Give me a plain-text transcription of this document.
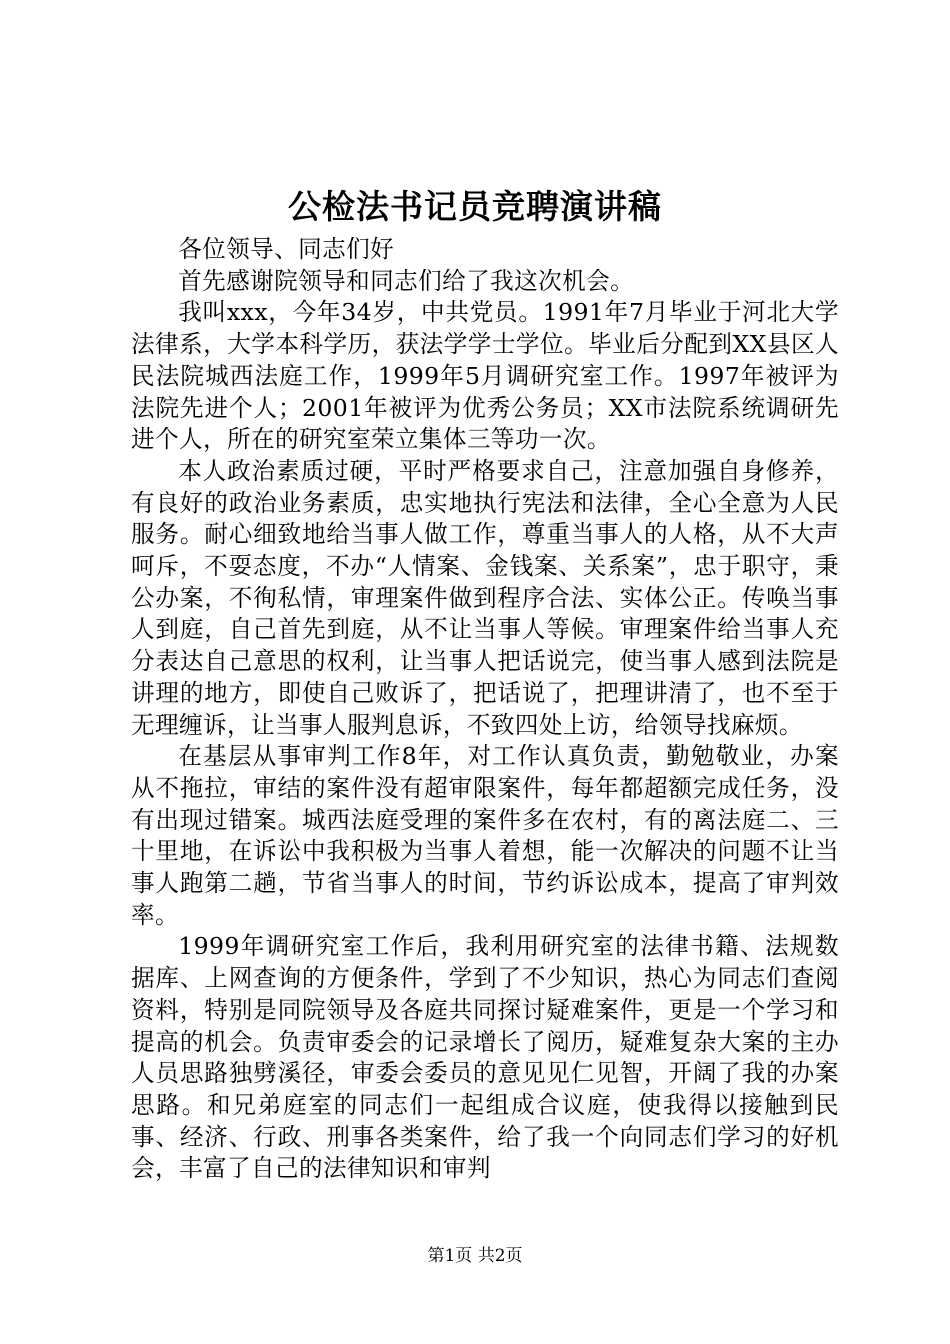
公检法书记员竞聘演讲稿

各位领导、同志们好

首先感谢院领导和同志们给了我这次机会。

我叫xxx，今年34岁，中共党员。1991年7月毕业于河北大学法律系，大学本科学历，获法学学士学位。毕业后分配到XX县区人民法院城西法庭工作，1999年5月调研究室工作。1997年被评为法院先进个人；2001年被评为优秀公务员；XX市法院系统调研先进个人，所在的研究室荣立集体三等功一次。

本人政治素质过硬，平时严格要求自己，注意加强自身修养，有良好的政治业务素质，忠实地执行宪法和法律，全心全意为人民服务。耐心细致地给当事人做工作，尊重当事人的人格，从不大声呵斥，不耍态度，不办“人情案、金钱案、关系案”，忠于职守，秉公办案，不徇私情，审理案件做到程序合法、实体公正。传唤当事人到庭，自己首先到庭，从不让当事人等候。审理案件给当事人充分表达自己意思的权利，让当事人把话说完，使当事人感到法院是讲理的地方，即使自己败诉了，把话说了，把理讲清了，也不至于无理缠诉，让当事人服判息诉，不致四处上访，给领导找麻烦。

在基层从事审判工作8年，对工作认真负责，勤勉敬业，办案从不拖拉，审结的案件没有超审限案件，每年都超额完成任务，没有出现过错案。城西法庭受理的案件多在农村，有的离法庭二、三十里地，在诉讼中我积极为当事人着想，能一次解决的问题不让当事人跑第二趟，节省当事人的时间，节约诉讼成本，提高了审判效率。

1999年调研究室工作后，我利用研究室的法律书籍、法规数据库、上网查询的方便条件，学到了不少知识，热心为同志们查阅资料，特别是同院领导及各庭共同探讨疑难案件，更是一个学习和提高的机会。负责审委会的记录增长了阅历，疑难复杂大案的主办人员思路独劈溪径，审委会委员的意见见仁见智，开阔了我的办案思路。和兄弟庭室的同志们一起组成合议庭，使我得以接触到民事、经济、行政、刑事各类案件，给了我一个向同志们学习的好机会，丰富了自己的法律知识和审判

第1页 共2页
